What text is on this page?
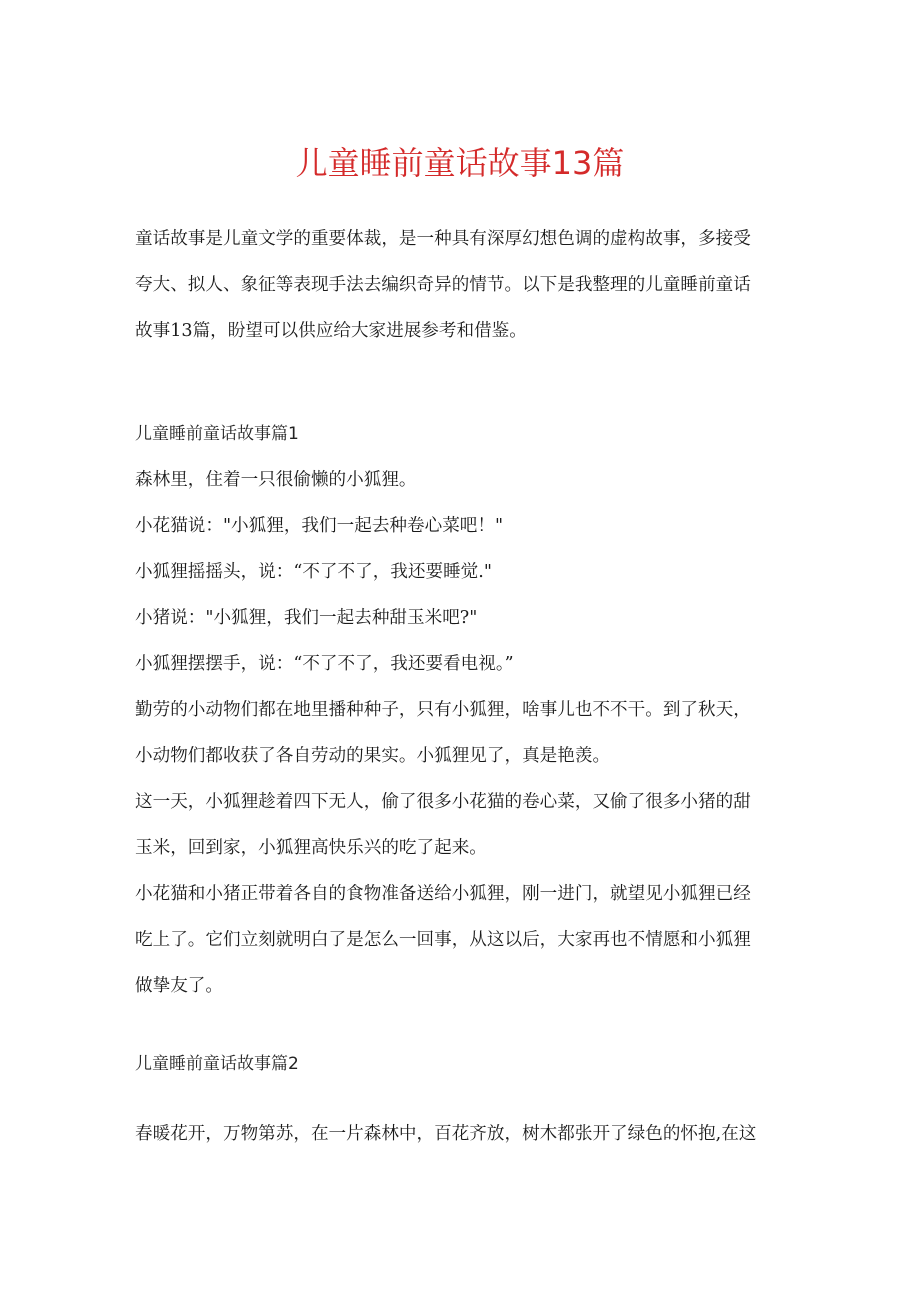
儿童睡前童话故事13篇
童话故事是儿童文学的重要体裁，是一种具有深厚幻想色调的虚构故事，多接受
夸大、拟人、象征等表现手法去编织奇异的情节。以下是我整理的儿童睡前童话
故事13篇，盼望可以供应给大家进展参考和借鉴。
儿童睡前童话故事篇1
森林里，住着一只很偷懒的小狐狸。
小花猫说："小狐狸，我们一起去种卷心菜吧！"
小狐狸摇摇头，说：“不了不了，我还要睡觉."
小猪说："小狐狸，我们一起去种甜玉米吧?"
小狐狸摆摆手，说：“不了不了，我还要看电视。”
勤劳的小动物们都在地里播种种子，只有小狐狸，啥事儿也不不干。到了秋天，
小动物们都收获了各自劳动的果实。小狐狸见了，真是艳羡。
这一天，小狐狸趁着四下无人，偷了很多小花猫的卷心菜，又偷了很多小猪的甜
玉米，回到家，小狐狸高快乐兴的吃了起来。
小花猫和小猪正带着各自的食物准备送给小狐狸，刚一进门，就望见小狐狸已经
吃上了。它们立刻就明白了是怎么一回事，从这以后，大家再也不情愿和小狐狸
做挚友了。
儿童睡前童话故事篇2
春暖花开，万物第苏，在一片森林中，百花齐放，树木都张开了绿色的怀抱,在这
